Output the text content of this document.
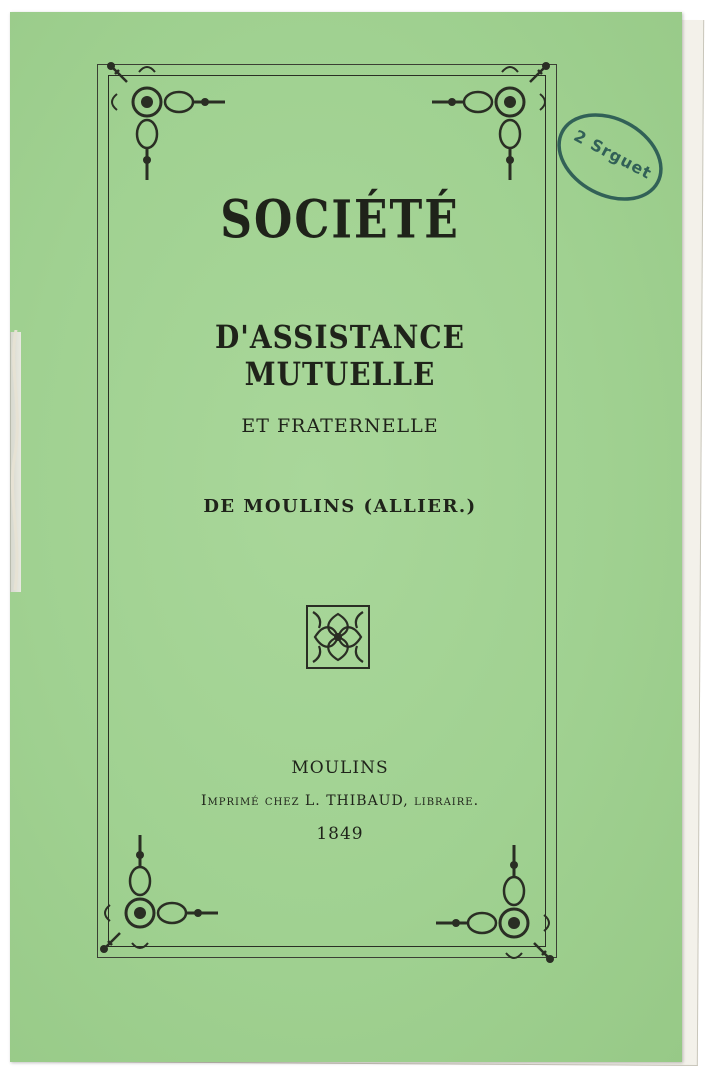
SOCIÉTÉ
D'ASSISTANCE MUTUELLE
ET FRATERNELLE
DE MOULINS (ALLIER.)
MOULINS
Imprimé chez L. THIBAUD, libraire.
1849
2 Srguet
